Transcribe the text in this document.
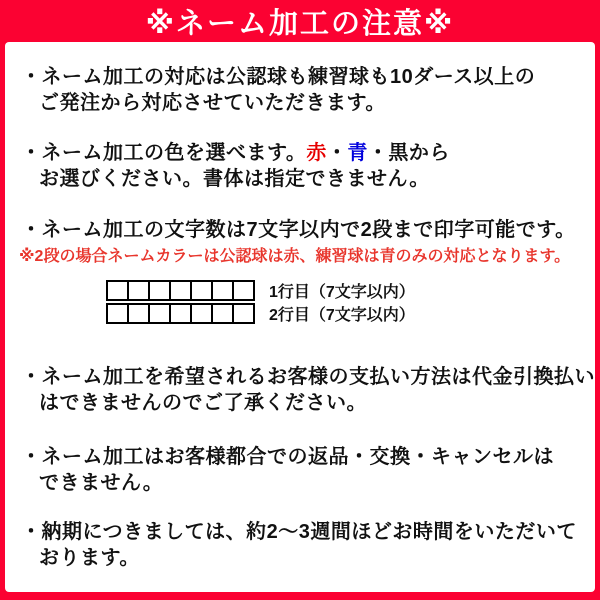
※ネーム加工の注意※
・ネーム加工の対応は公認球も練習球も10ダース以上の
ご発注から対応させていただきます。
・ネーム加工の色を選べます。赤・青・黒から
お選びください。書体は指定できません。
・ネーム加工の文字数は7文字以内で2段まで印字可能です。
※2段の場合ネームカラーは公認球は赤、練習球は青のみの対応となります。
1行目（7文字以内）
2行目（7文字以内）
・ネーム加工を希望されるお客様の支払い方法は代金引換払い
はできませんのでご了承ください。
・ネーム加工はお客様都合での返品・交換・キャンセルは
できません。
・納期につきましては、約2～3週間ほどお時間をいただいて
おります。
